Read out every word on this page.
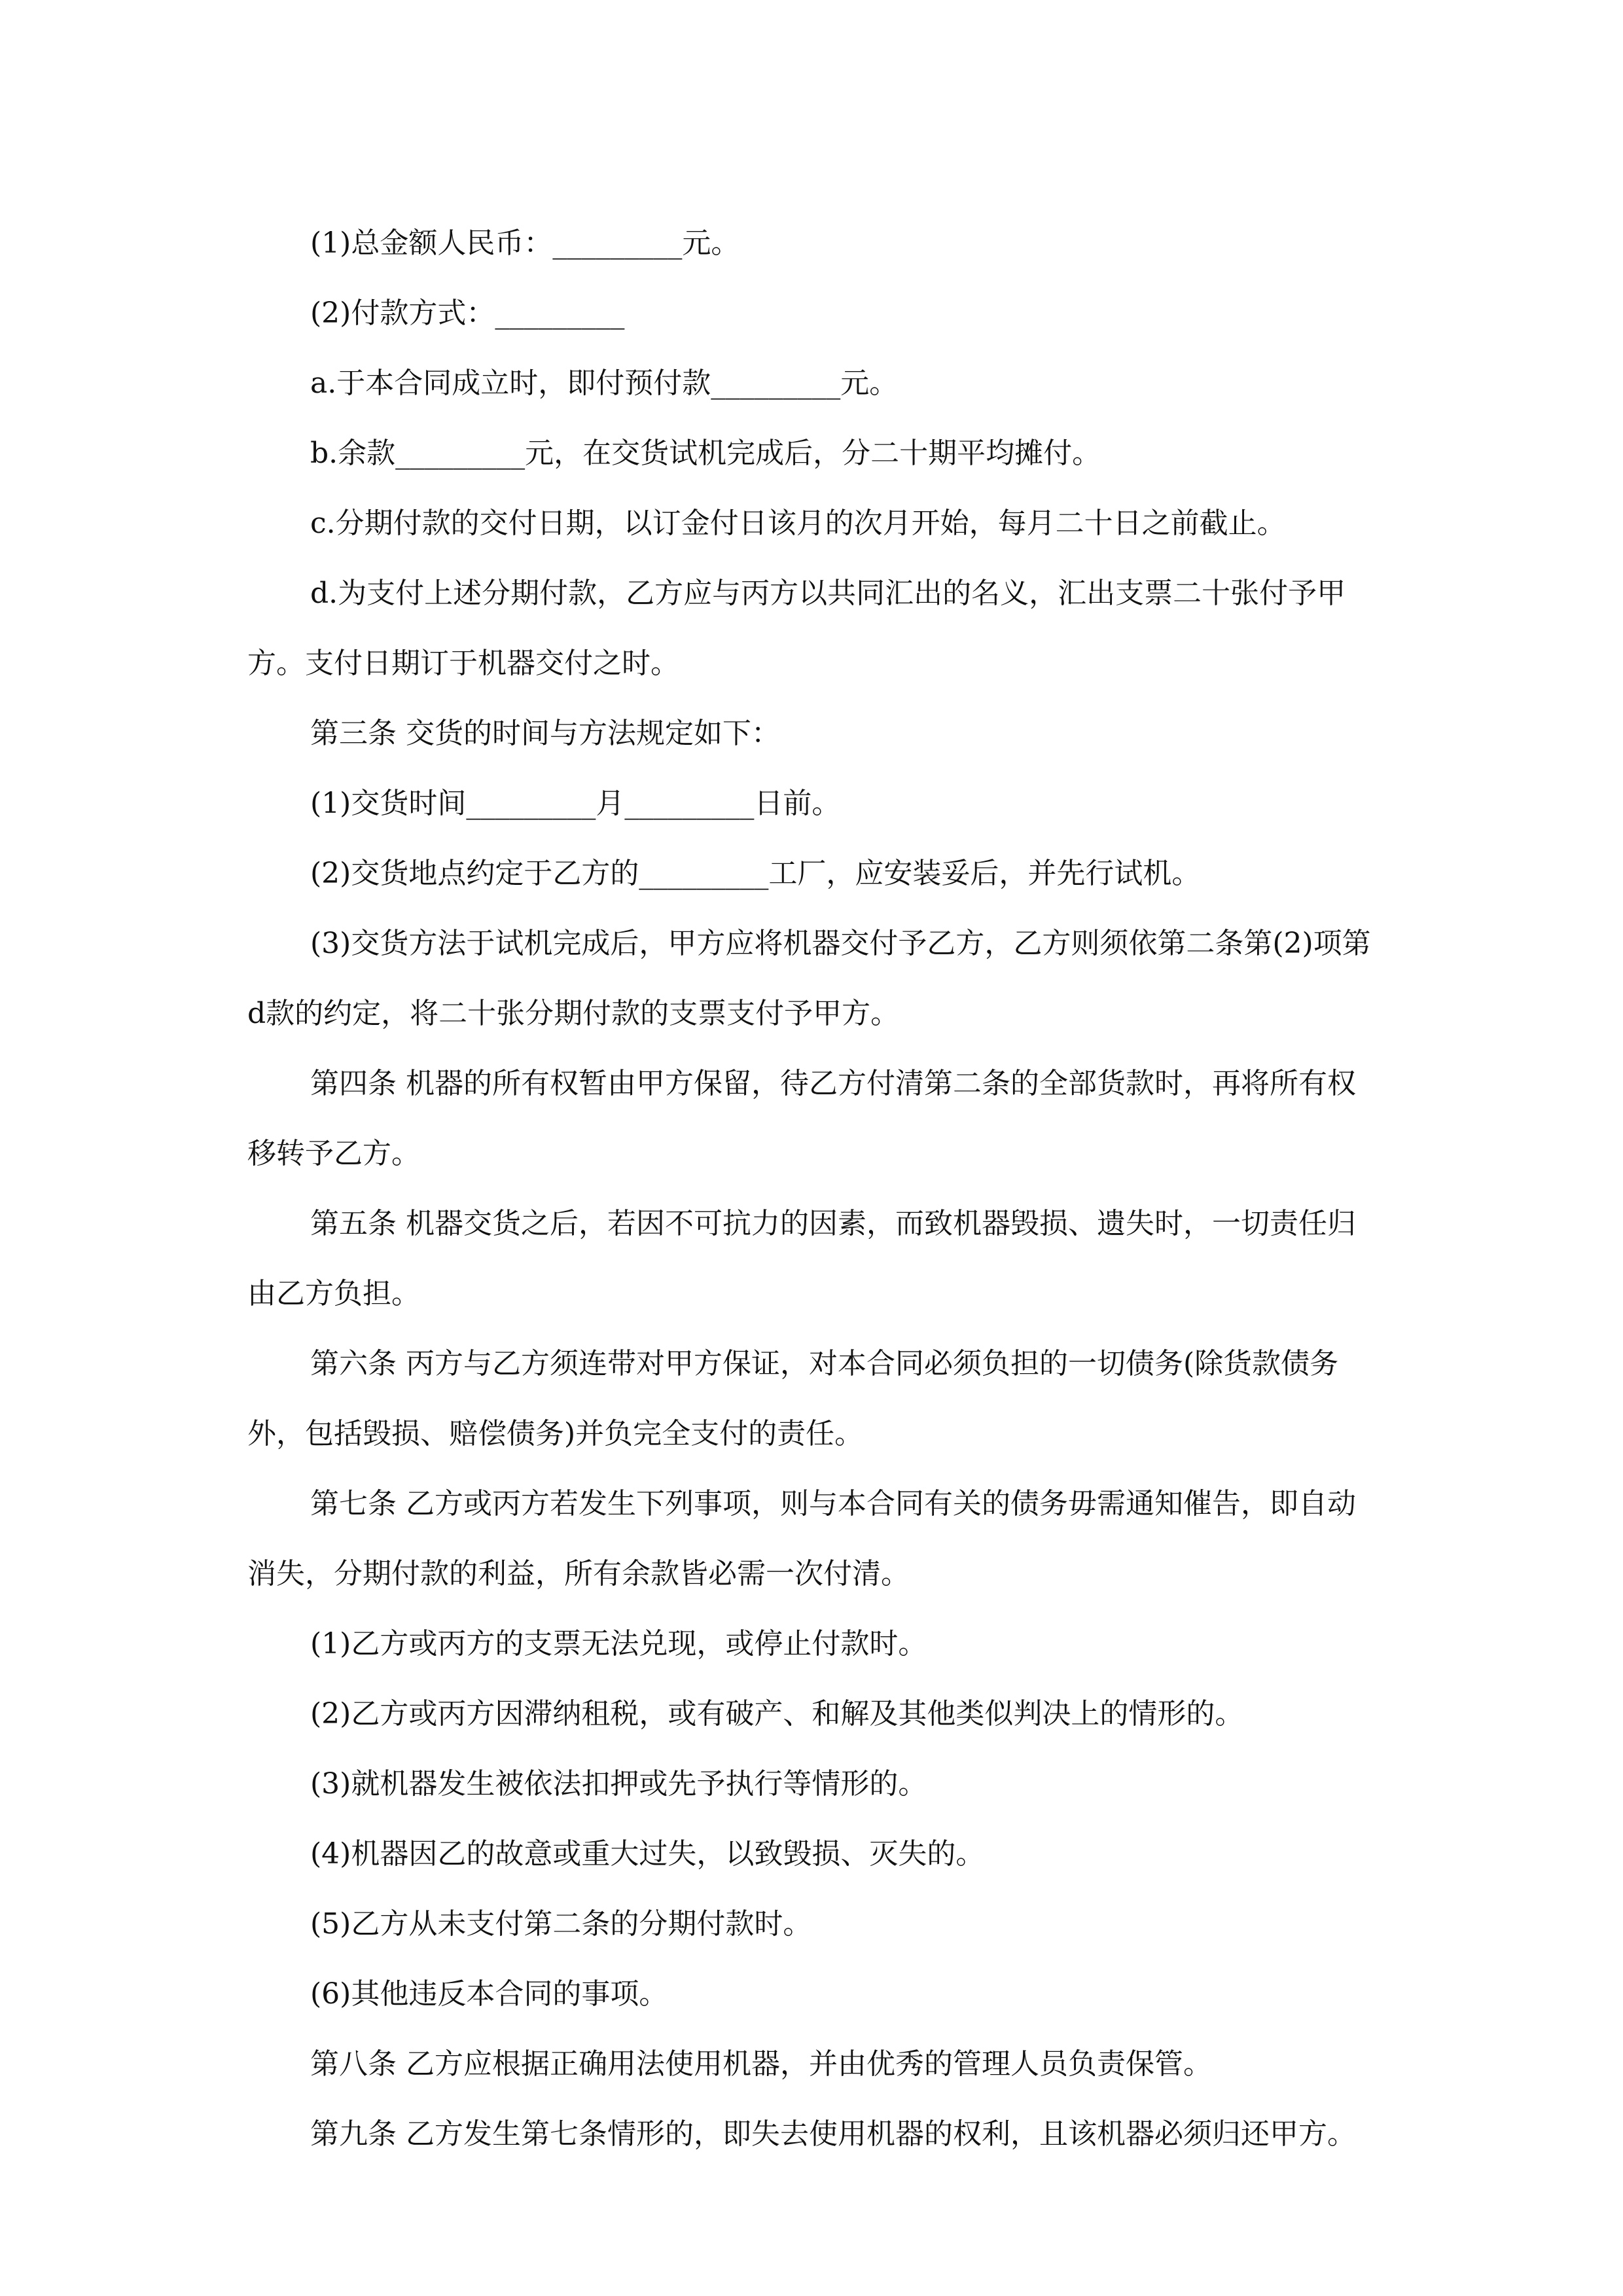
(1)总金额人民币：_________元。

(2)付款方式：_________

a.于本合同成立时，即付预付款_________元。

b.余款_________元，在交货试机完成后，分二十期平均摊付。

c.分期付款的交付日期，以订金付日该月的次月开始，每月二十日之前截止。

d.为支付上述分期付款，乙方应与丙方以共同汇出的名义，汇出支票二十张付予甲方。支付日期订于机器交付之时。

第三条 交货的时间与方法规定如下：

(1)交货时间_________月_________日前。

(2)交货地点约定于乙方的_________工厂，应安装妥后，并先行试机。

(3)交货方法于试机完成后，甲方应将机器交付予乙方，乙方则须依第二条第(2)项第d款的约定，将二十张分期付款的支票支付予甲方。

第四条 机器的所有权暂由甲方保留，待乙方付清第二条的全部货款时，再将所有权移转予乙方。

第五条 机器交货之后，若因不可抗力的因素，而致机器毁损、遗失时，一切责任归由乙方负担。

第六条 丙方与乙方须连带对甲方保证，对本合同必须负担的一切债务(除货款债务外，包括毁损、赔偿债务)并负完全支付的责任。

第七条 乙方或丙方若发生下列事项，则与本合同有关的债务毋需通知催告，即自动消失，分期付款的利益，所有余款皆必需一次付清。

(1)乙方或丙方的支票无法兑现，或停止付款时。

(2)乙方或丙方因滞纳租税，或有破产、和解及其他类似判决上的情形的。

(3)就机器发生被依法扣押或先予执行等情形的。

(4)机器因乙的故意或重大过失，以致毁损、灭失的。

(5)乙方从未支付第二条的分期付款时。

(6)其他违反本合同的事项。

第八条 乙方应根据正确用法使用机器，并由优秀的管理人员负责保管。

第九条 乙方发生第七条情形的，即失去使用机器的权利，且该机器必须归还甲方。
